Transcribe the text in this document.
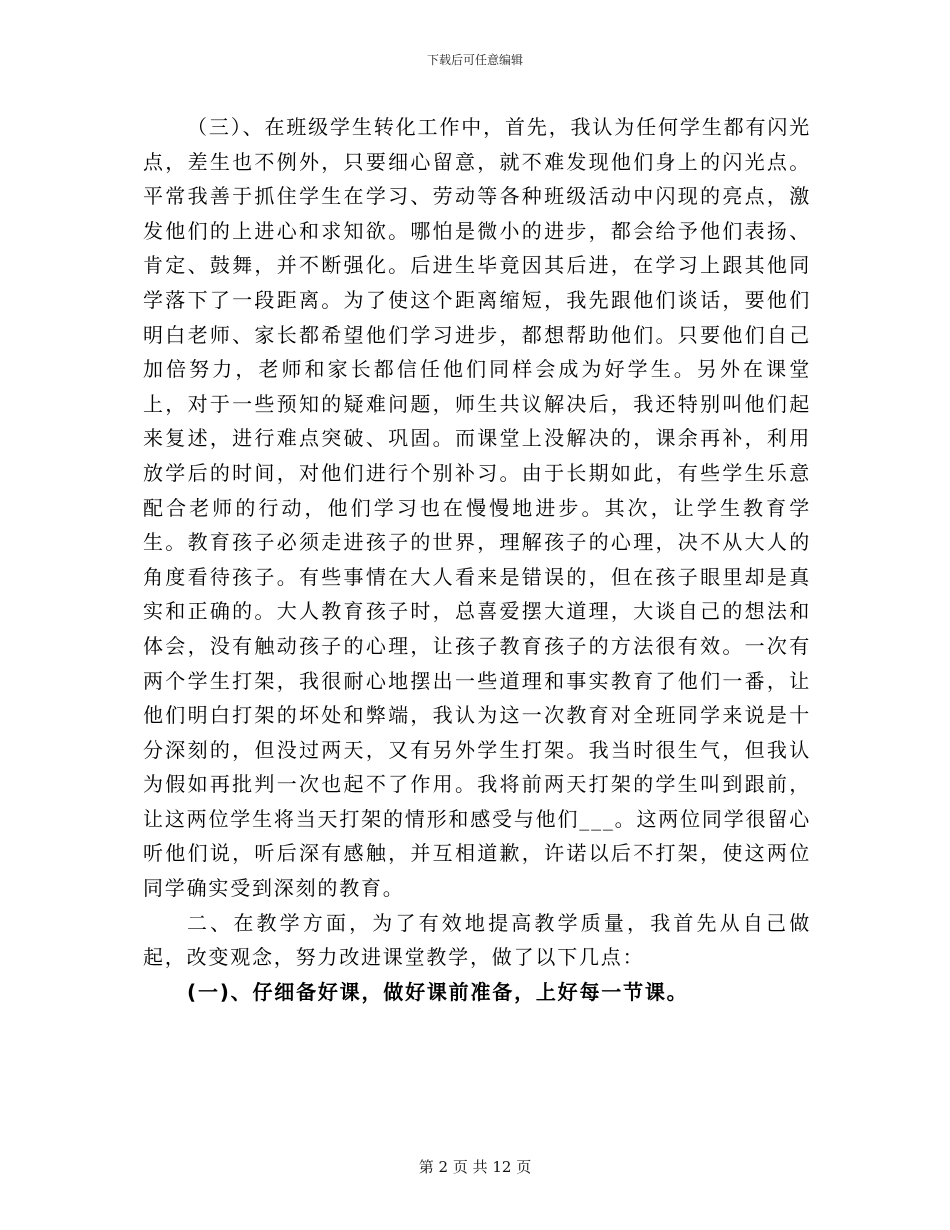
下载后可任意编辑

（三）、在班级学生转化工作中，首先，我认为任何学生都有闪光点，差生也不例外，只要细心留意，就不难发现他们身上的闪光点。平常我善于抓住学生在学习、劳动等各种班级活动中闪现的亮点，激发他们的上进心和求知欲。哪怕是微小的进步，都会给予他们表扬、肯定、鼓舞，并不断强化。后进生毕竟因其后进，在学习上跟其他同学落下了一段距离。为了使这个距离缩短，我先跟他们谈话，要他们明白老师、家长都希望他们学习进步，都想帮助他们。只要他们自己加倍努力，老师和家长都信任他们同样会成为好学生。另外在课堂上，对于一些预知的疑难问题，师生共议解决后，我还特别叫他们起来复述，进行难点突破、巩固。而课堂上没解决的，课余再补，利用放学后的时间，对他们进行个别补习。由于长期如此，有些学生乐意配合老师的行动，他们学习也在慢慢地进步。其次，让学生教育学生。教育孩子必须走进孩子的世界，理解孩子的心理，决不从大人的角度看待孩子。有些事情在大人看来是错误的，但在孩子眼里却是真实和正确的。大人教育孩子时，总喜爱摆大道理，大谈自己的想法和体会，没有触动孩子的心理，让孩子教育孩子的方法很有效。一次有两个学生打架，我很耐心地摆出一些道理和事实教育了他们一番，让他们明白打架的坏处和弊端，我认为这一次教育对全班同学来说是十分深刻的，但没过两天，又有另外学生打架。我当时很生气，但我认为假如再批判一次也起不了作用。我将前两天打架的学生叫到跟前，让这两位学生将当天打架的情形和感受与他们___。这两位同学很留心听他们说，听后深有感触，并互相道歉，许诺以后不打架，使这两位同学确实受到深刻的教育。

二、在教学方面，为了有效地提高教学质量，我首先从自己做起，改变观念，努力改进课堂教学，做了以下几点：

(一)、仔细备好课，做好课前准备，上好每一节课。

第 2 页 共 12 页
